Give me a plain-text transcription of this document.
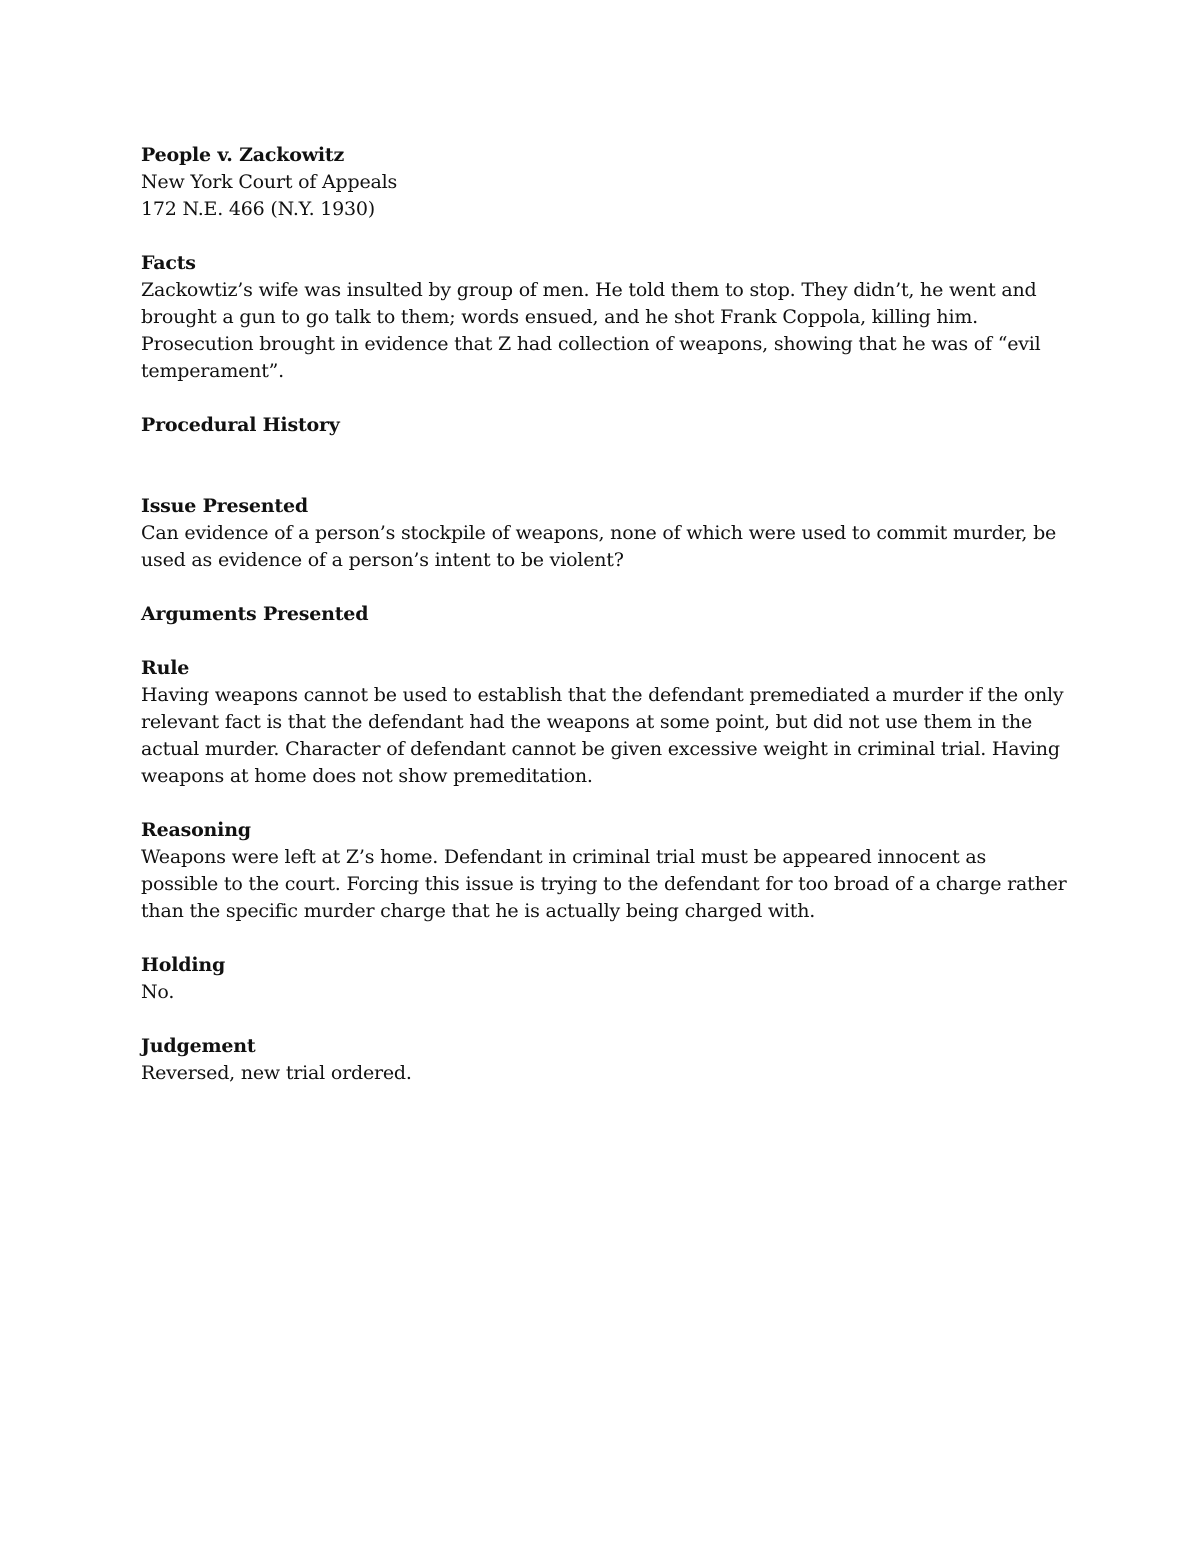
People v. Zackowitz
New York Court of Appeals
172 N.E. 466 (N.Y. 1930)
Facts
Zackowtiz’s wife was insulted by group of men. He told them to stop. They didn’t, he went and
brought a gun to go talk to them; words ensued, and he shot Frank Coppola, killing him.
Prosecution brought in evidence that Z had collection of weapons, showing that he was of “evil
temperament”.
Procedural History
Issue Presented
Can evidence of a person’s stockpile of weapons, none of which were used to commit murder, be
used as evidence of a person’s intent to be violent?
Arguments Presented
Rule
Having weapons cannot be used to establish that the defendant premediated a murder if the only
relevant fact is that the defendant had the weapons at some point, but did not use them in the
actual murder. Character of defendant cannot be given excessive weight in criminal trial. Having
weapons at home does not show premeditation.
Reasoning
Weapons were left at Z’s home. Defendant in criminal trial must be appeared innocent as
possible to the court. Forcing this issue is trying to the defendant for too broad of a charge rather
than the specific murder charge that he is actually being charged with.
Holding
No.
Judgement
Reversed, new trial ordered.
